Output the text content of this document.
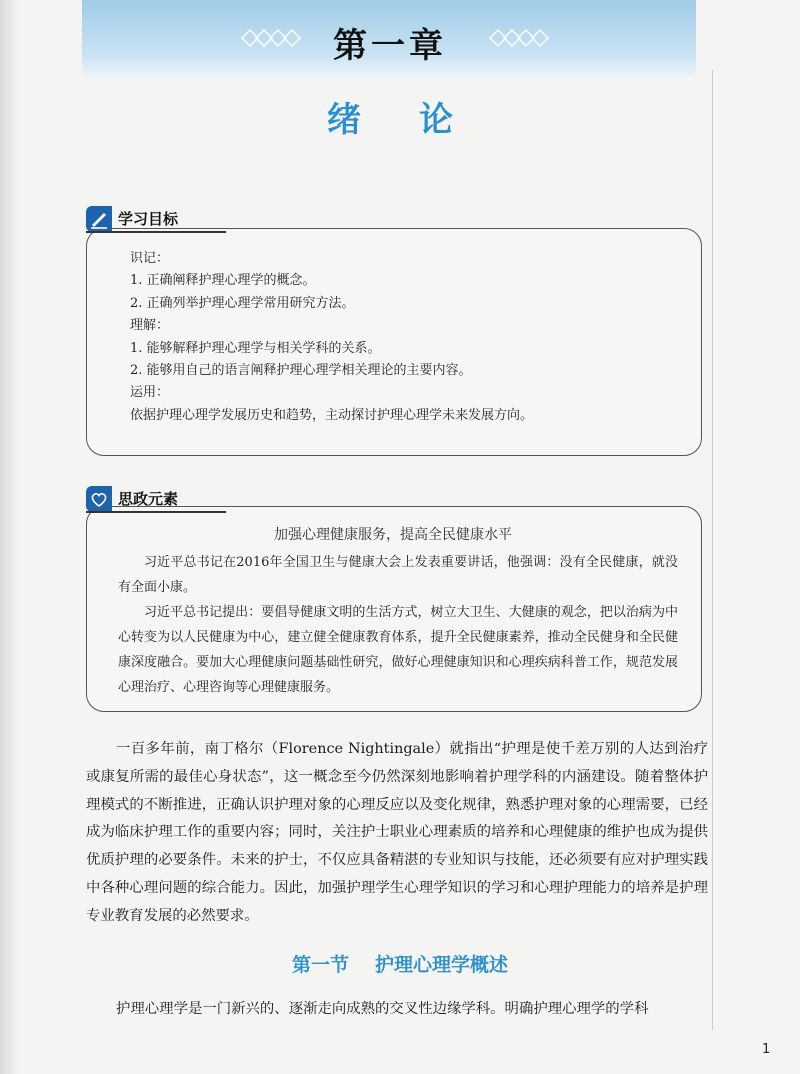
第一章
绪论
学习目标
识记：
1. 正确阐释护理心理学的概念。
2. 正确列举护理心理学常用研究方法。
理解：
1. 能够解释护理心理学与相关学科的关系。
2. 能够用自己的语言阐释护理心理学相关理论的主要内容。
运用：
依据护理心理学发展历史和趋势，主动探讨护理心理学未来发展方向。
思政元素
加强心理健康服务，提高全民健康水平
习近平总书记在2016年全国卫生与健康大会上发表重要讲话，他强调：没有全民健康，就没有全面小康。
习近平总书记提出：要倡导健康文明的生活方式，树立大卫生、大健康的观念，把以治病为中心转变为以人民健康为中心，建立健全健康教育体系，提升全民健康素养，推动全民健身和全民健康深度融合。要加大心理健康问题基础性研究，做好心理健康知识和心理疾病科普工作，规范发展心理治疗、心理咨询等心理健康服务。
一百多年前，南丁格尔（Florence Nightingale）就指出“护理是使千差万别的人达到治疗或康复所需的最佳心身状态”，这一概念至今仍然深刻地影响着护理学科的内涵建设。随着整体护理模式的不断推进，正确认识护理对象的心理反应以及变化规律，熟悉护理对象的心理需要，已经成为临床护理工作的重要内容；同时，关注护士职业心理素质的培养和心理健康的维护也成为提供优质护理的必要条件。未来的护士，不仅应具备精湛的专业知识与技能，还必须要有应对护理实践中各种心理问题的综合能力。因此，加强护理学生心理学知识的学习和心理护理能力的培养是护理专业教育发展的必然要求。
第一节 护理心理学概述
护理心理学是一门新兴的、逐渐走向成熟的交叉性边缘学科。明确护理心理学的学科
1
